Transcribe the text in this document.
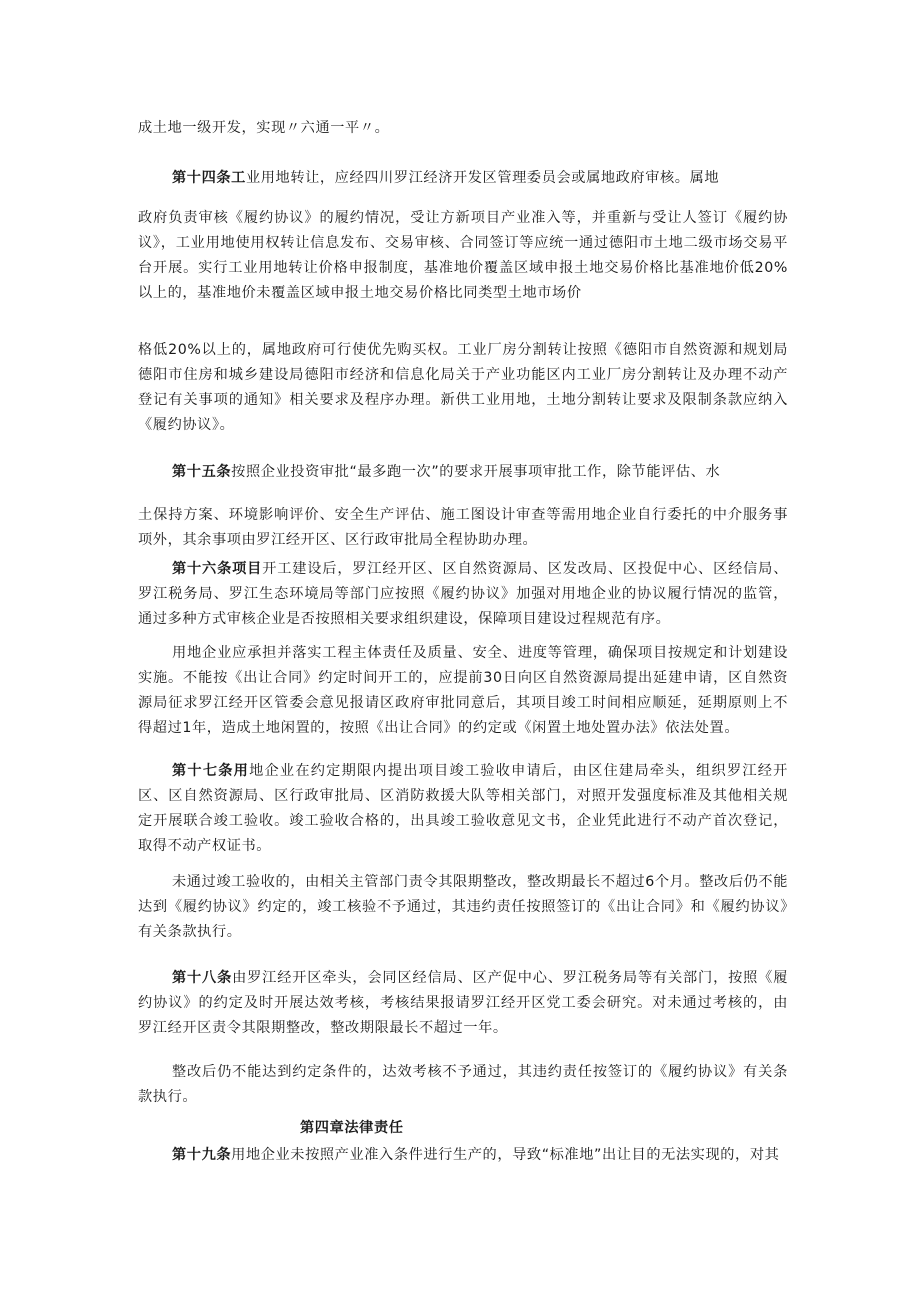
成土地一级开发，实现〃六通一平〃。

第十四条工业用地转让，应经四川罗江经济开发区管理委员会或属地政府审核。属地

政府负责审核《履约协议》的履约情况，受让方新项目产业准入等，并重新与受让人签订《履约协议》，工业用地使用权转让信息发布、交易审核、合同签订等应统一通过德阳市土地二级市场交易平台开展。实行工业用地转让价格申报制度，基准地价覆盖区域申报土地交易价格比基准地价低20%以上的，基准地价未覆盖区域申报土地交易价格比同类型土地市场价

格低20%以上的，属地政府可行使优先购买权。工业厂房分割转让按照《德阳市自然资源和规划局德阳市住房和城乡建设局德阳市经济和信息化局关于产业功能区内工业厂房分割转让及办理不动产登记有关事项的通知》相关要求及程序办理。新供工业用地，土地分割转让要求及限制条款应纳入《履约协议》。

第十五条按照企业投资审批“最多跑一次”的要求开展事项审批工作，除节能评估、水

土保持方案、环境影响评价、安全生产评估、施工图设计审查等需用地企业自行委托的中介服务事项外，其余事项由罗江经开区、区行政审批局全程协助办理。

第十六条项目开工建设后，罗江经开区、区自然资源局、区发改局、区投促中心、区经信局、罗江税务局、罗江生态环境局等部门应按照《履约协议》加强对用地企业的协议履行情况的监管，通过多种方式审核企业是否按照相关要求组织建设，保障项目建设过程规范有序。

用地企业应承担并落实工程主体责任及质量、安全、进度等管理，确保项目按规定和计划建设实施。不能按《出让合同》约定时间开工的，应提前30日向区自然资源局提出延建申请，区自然资源局征求罗江经开区管委会意见报请区政府审批同意后，其项目竣工时间相应顺延，延期原则上不得超过1年，造成土地闲置的，按照《出让合同》的约定或《闲置土地处置办法》依法处置。

第十七条用地企业在约定期限内提出项目竣工验收申请后，由区住建局牵头，组织罗江经开区、区自然资源局、区行政审批局、区消防救援大队等相关部门，对照开发强度标准及其他相关规定开展联合竣工验收。竣工验收合格的，出具竣工验收意见文书，企业凭此进行不动产首次登记，取得不动产权证书。

未通过竣工验收的，由相关主管部门责令其限期整改，整改期最长不超过6个月。整改后仍不能达到《履约协议》约定的，竣工核验不予通过，其违约责任按照签订的《出让合同》和《履约协议》有关条款执行。

第十八条由罗江经开区牵头，会同区经信局、区产促中心、罗江税务局等有关部门，按照《履约协议》的约定及时开展达效考核，考核结果报请罗江经开区党工委会研究。对未通过考核的，由罗江经开区责令其限期整改，整改期限最长不超过一年。

整改后仍不能达到约定条件的，达效考核不予通过，其违约责任按签订的《履约协议》有关条款执行。

第四章法律责任

第十九条用地企业未按照产业准入条件进行生产的，导致“标准地”出让目的无法实现的，对其
